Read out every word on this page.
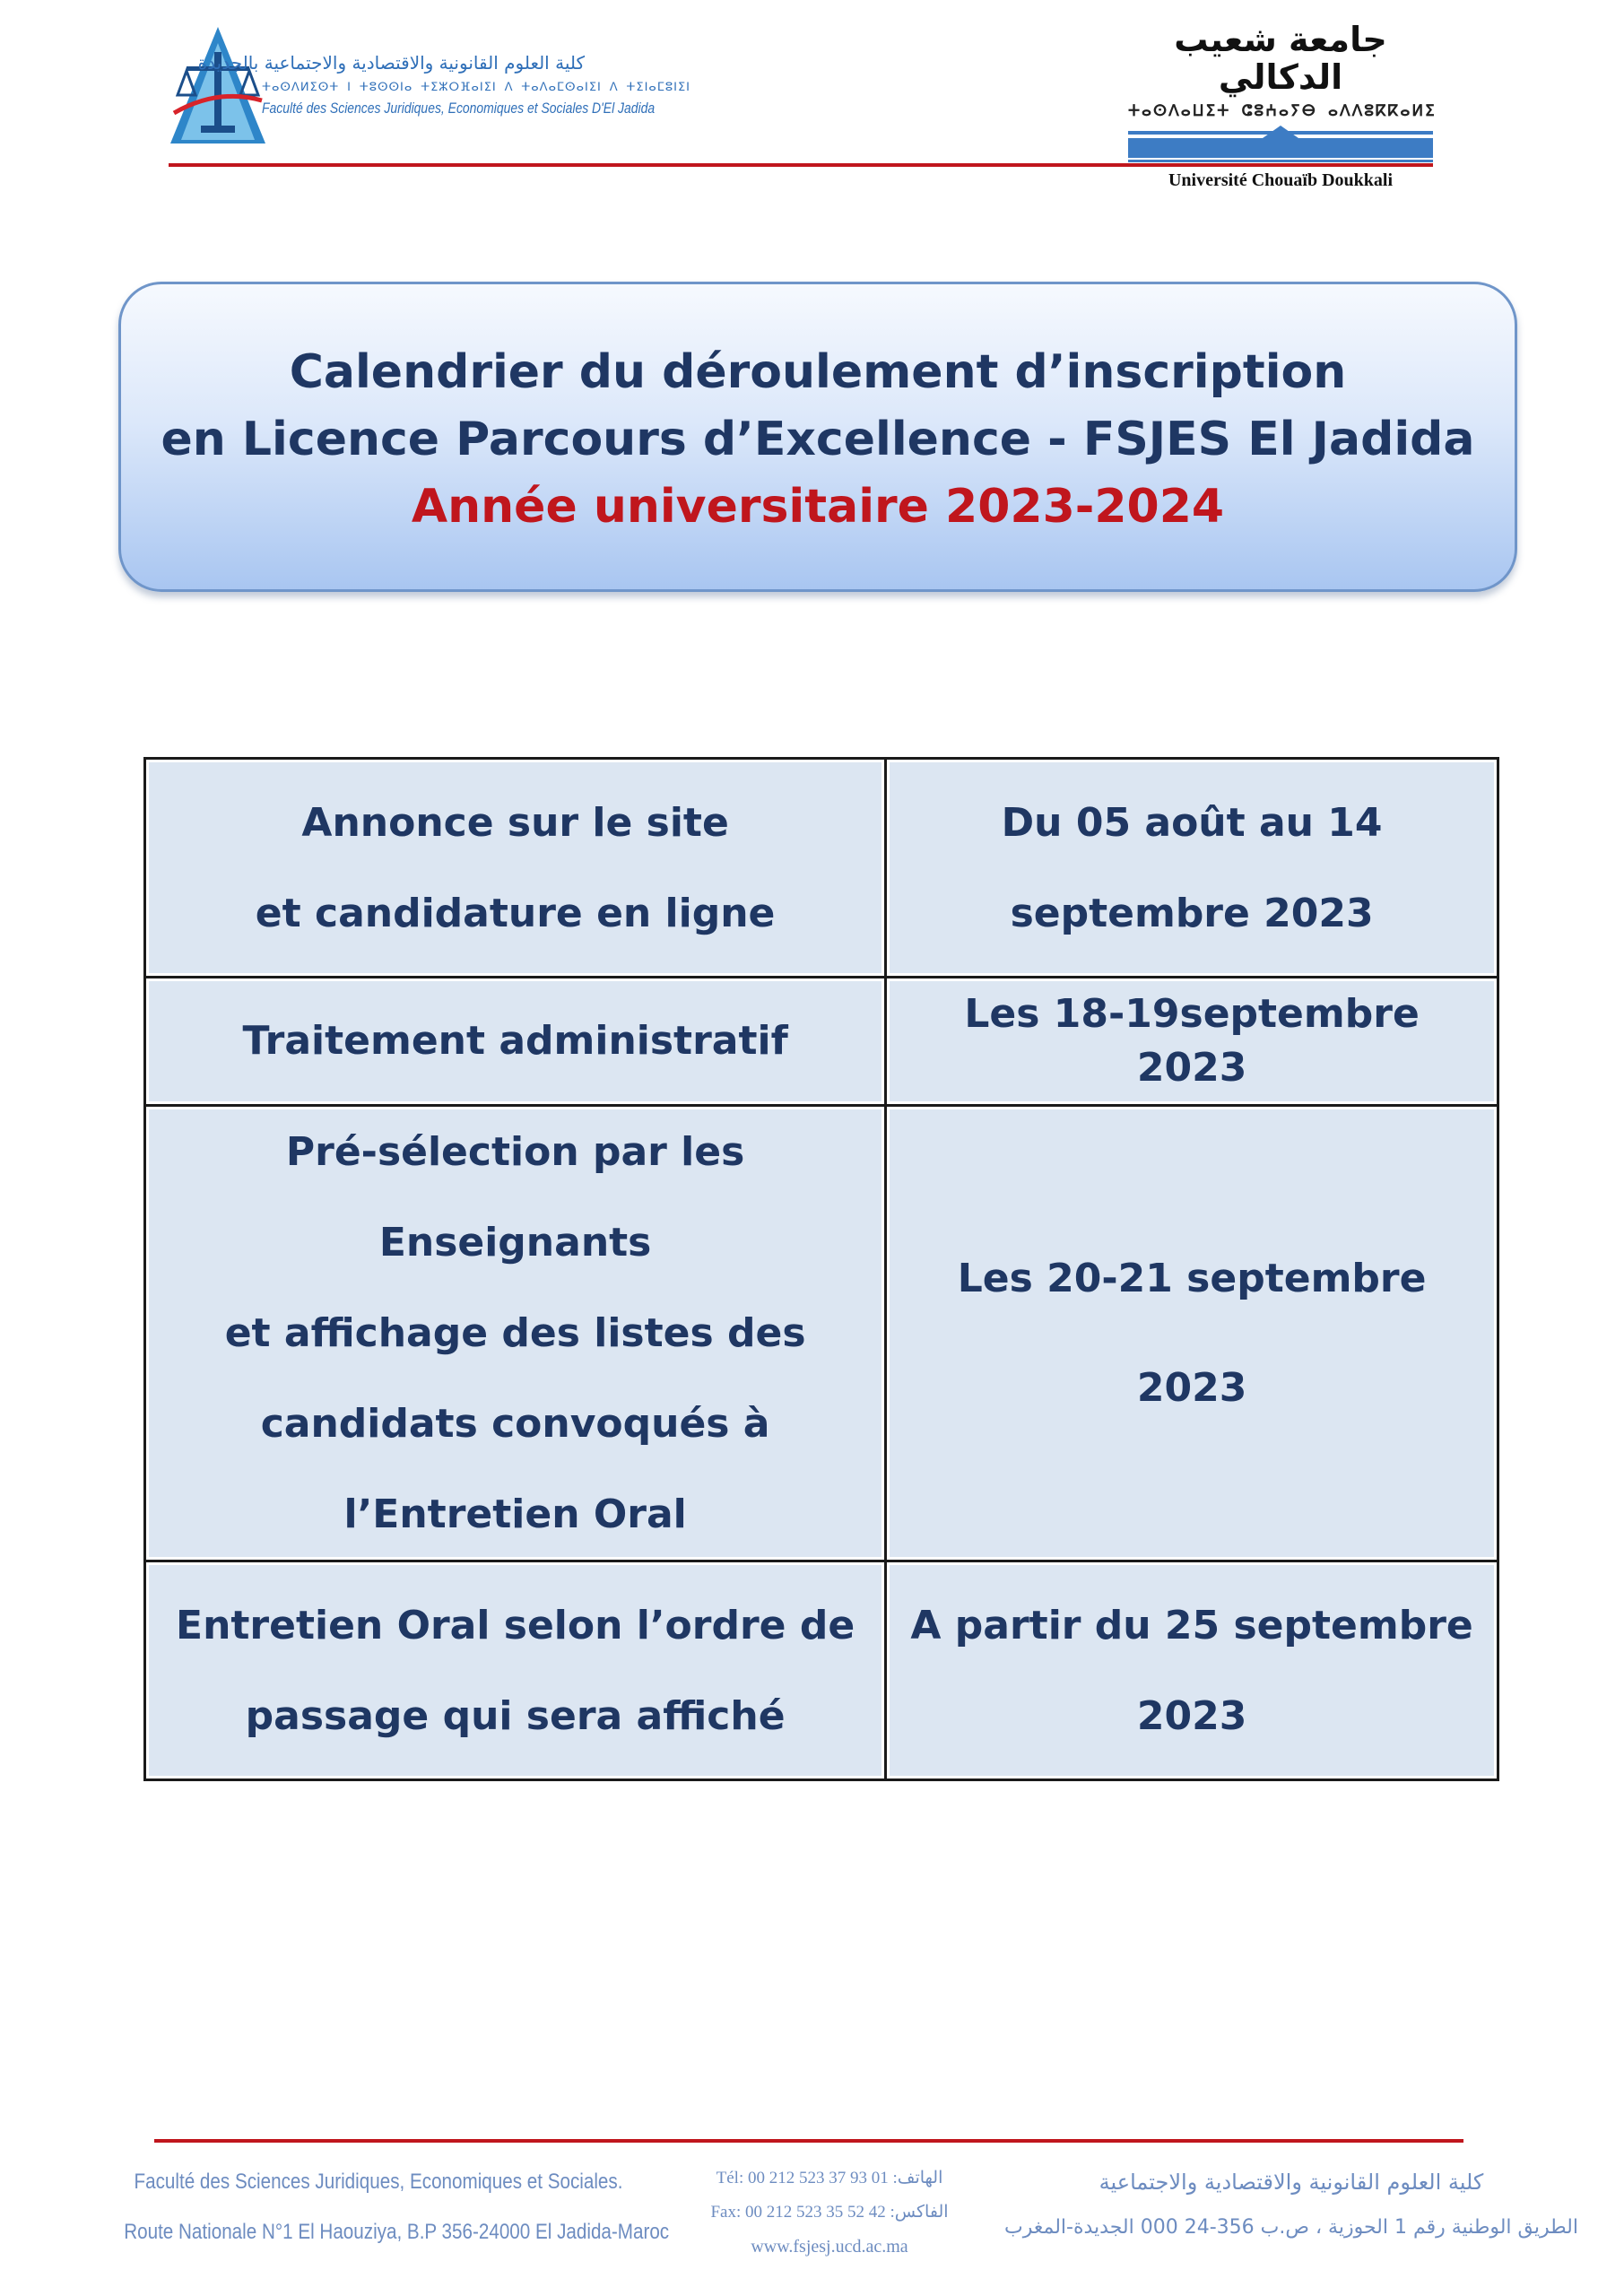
كلية العلوم القانونية والاقتصادية والاجتماعية بالجديدة
ⵜⴰⵙⴷⵍⵉⵙⵜ ⵏ ⵜⵓⵙⵙⵏⴰ ⵜⵉⵣⵔⴼⴰⵏⵉⵏ ⴷ ⵜⴰⴷⴰⵎⵙⴰⵏⵉⵏ ⴷ ⵜⵉⵏⴰⵎⵓⵏⵉⵏ
Faculté des Sciences Juridiques, Economiques et Sociales D'El Jadida
جامعة شعيب الدكالي
ⵜⴰⵙⴷⴰⵡⵉⵜ ⵛⵓⵄⴰⵢⴱ ⴰⴷⴷⵓⴽⴽⴰⵍⵉ
Université Chouaïb Doukkali
Calendrier du déroulement d’inscription
en Licence Parcours d’Excellence - FSJES El Jadida
Année universitaire 2023-2024
Annonce sur le site
et candidature en ligne	Du 05 août au 14
septembre 2023

Traitement administratif	Les 18-19septembre 2023

Pré-sélection par les Enseignants
et affichage des listes des
candidats convoqués à
l’Entretien Oral	Les 20-21 septembre
2023

Entretien Oral selon l’ordre de
passage qui sera affiché	A partir du 25 septembre
2023
Faculté des Sciences Juridiques, Economiques et Sociales.
Route Nationale N°1 El Haouziya, B.P 356-24000 El Jadida-Maroc
Tél: 00 212 523 37 93 01 :الهاتف
Fax: 00 212 523 35 52 42 :الفاكس
www.fsjesj.ucd.ac.ma
كلية العلوم القانونية والاقتصادية والاجتماعية
الطريق الوطنية رقم 1 الحوزية ، ص.ب 356-24 000 الجديدة-المغرب
